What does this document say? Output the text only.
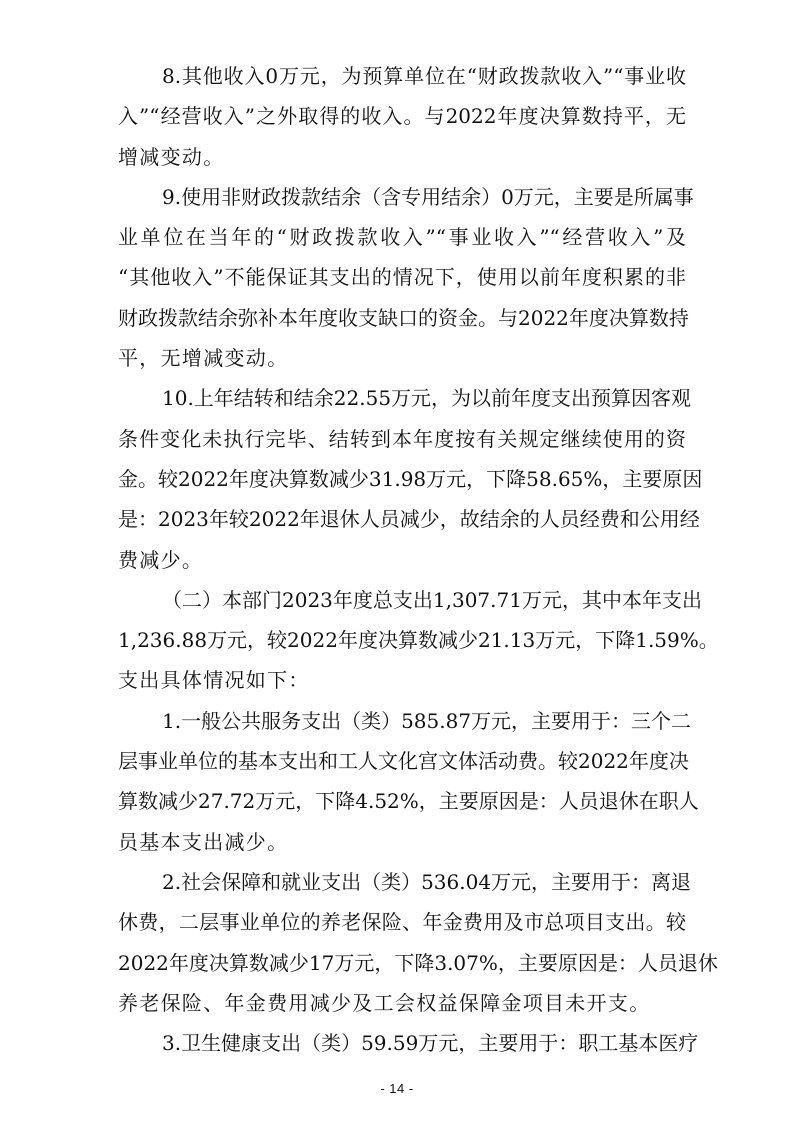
8.其他收入0万元，为预算单位在“财政拨款收入”“事业收
入”“经营收入”之外取得的收入。与2022年度决算数持平，无
增减变动。

9.使用非财政拨款结余（含专用结余）0万元，主要是所属事
业单位在当年的“财政拨款收入”“事业收入”“经营收入”及
“其他收入”不能保证其支出的情况下，使用以前年度积累的非
财政拨款结余弥补本年度收支缺口的资金。与2022年度决算数持
平，无增减变动。

10.上年结转和结余22.55万元，为以前年度支出预算因客观
条件变化未执行完毕、结转到本年度按有关规定继续使用的资
金。较2022年度决算数减少31.98万元，下降58.65%，主要原因
是：2023年较2022年退休人员减少，故结余的人员经费和公用经
费减少。

（二）本部门2023年度总支出1,307.71万元，其中本年支出
1,236.88万元，较2022年度决算数减少21.13万元，下降1.59%。
支出具体情况如下：

1.一般公共服务支出（类）585.87万元，主要用于：三个二
层事业单位的基本支出和工人文化宫文体活动费。较2022年度决
算数减少27.72万元，下降4.52%，主要原因是：人员退休在职人
员基本支出减少。

2.社会保障和就业支出（类）536.04万元，主要用于：离退
休费，二层事业单位的养老保险、年金费用及市总项目支出。较
2022年度决算数减少17万元，下降3.07%，主要原因是：人员退休
养老保险、年金费用减少及工会权益保障金项目未开支。

3.卫生健康支出（类）59.59万元，主要用于：职工基本医疗

- 14 -
